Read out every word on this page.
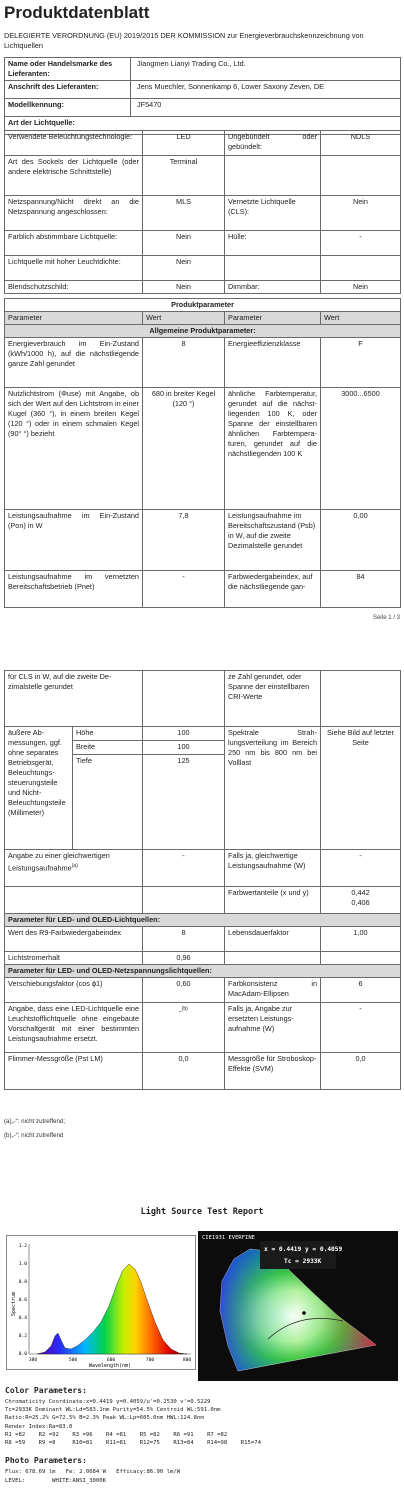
Produktdatenblatt
DELEGIERTE VERORDNUNG (EU) 2019/2015 DER KOMMISSION zur Energieverbrauchskennzeichnung von Lichtquellen
Name oder Handelsmarke des Lieferanten:	Jiangmen Lianyi Trading Co., Ltd.
Anschrift des Lieferanten:	Jens Muechler, Sonnenkamp 6, Lower Saxony Zeven, DE
Modellkennung:	JF5470
Art der Lichtquelle:	
Verwendete Beleuchtungstechnologie:	LED	Ungebündelt oder gebündelt:	NDLS
Art des Sockels der Lichtquelle (oder andere elektrische Schnittstelle)	Terminal		
Netzspannung/Nicht direkt an die Netzspannung angeschlossen:	MLS	Vernetzte Lichtquelle (CLS):	Nein
Farblich abstimmbare Lichtquelle:	Nein	Hülle:	-
Lichtquelle mit hoher Leuchtdichte:	Nein		
Blendschutzschild:	Nein	Dimmbar:	Nein
Produktparameter			
Parameter	Wert	Parameter	Wert
Allgemeine Produktparameter:			
Energieverbrauch im Ein-Zustand (kWh/1000 h), auf die nächstliegende ganze Zahl gerundet	8	Energieeffizienzklasse	F
Nutzlichtstrom (Φuse) mit Angabe, ob sich der Wert auf den Lichtstrom in einer Kugel (360 °), in einem breiten Kegel (120 °) oder in einem schmalen Kegel (90° °) bezieht	680 in breiter Kegel (120 °)	ähnliche Farbtemperatur, gerundet auf die nächstliegenden 100 K, oder Spanne der einstellbaren ähnlichen Farbtemperaturen, gerundet auf die nächstliegenden 100 K	3000...6500
Leistungsaufnahme im Ein-Zustand (Pon) in W	7,8	Leistungsaufnahme im Bereitschaftszustand (Psb) in W, auf die zweite Dezimalstelle gerundet	0,00
Leistungsaufnahme im vernetzten Bereitschaftsbetrieb (Pnet)	-	Farbwiedergabeindex, auf die nächstliegende gan-	84
Seite 1 / 3
für CLS in W, auf die zweite Dezimalstelle gerundet			ze Zahl gerundet, oder Spanne der einstellbaren CRI-Werte	
äußere Abmessungen, ggf. ohne separates Betriebsgerät, Beleuchtungssteuerungsteile und Nicht-Beleuchtungsteile (Millimeter)	Höhe	100	Spektrale Strahlungsverteilung im Bereich 250 nm bis 800 nm bei Volllast	Siehe Bild auf letzter Seite
	Breite	100		
	Tiefe	125		
Angabe zu einer gleichwertigen Leistungsaufnahme$^{(a)}$		-	Falls ja, gleichwertige Leistungsaufnahme (W)	-
			Farbwertanteile (x und y)	0,442
0,406
Parameter für LED- und OLED-Lichtquellen:				
Wert des R9-Farbwiedergabeindex		8	Lebensdauerfaktor	1,00
Lichtstromerhalt		0,96		
Parameter für LED- und OLED-Netzspannungslichtquellen:				
Verschiebungsfaktor (cos ϕ1)		0,60	Farbkonsistenz in MacAdam-Ellipsen	6
Angabe, dass eine LED-Lichtquelle eine Leuchtstofflichtquelle ohne eingebaute Vorschaltgerät mit einer bestimmten Leistungsaufnahme ersetzt.		-$^{(b)}$	Falls ja, Angabe zur ersetzten Leistungsaufnahme (W)	-
Flimmer-Messgröße (Pst LM)		0,0	Messgröße für Stroboskop-Effekte (SVM)	0,0
(a)„-“: nicht zutreffend;
(b)„-“: nicht zutreffend
Light Source Test Report
Spectrum
Wavelength(nm)
380	500	600	700	800
0.0
0.2
0.4
0.6
0.8
1.0
1.2
CIE1931 EVERFINE
x = 0.4419 y = 0.4059
Tc = 2933K
Color Parameters:
Chromaticity Coordinate:x=0.4419 y=0.4059/u'=0.2530 v'=0.5229
Tc=2933K Dominant WL:Ld=583.1nm Purity=54.5% Centroid WL:591.0nm
Ratio:R=25.2% G=72.5% B=2.3% Peak WL:Lp=605.0nm HWL:124.8nm
Render Index:Ra=83.0
R1 =82    R2 =92    R3 =96    R4 =81    R5 =82    R6 =91    R7 =82
R8 =59    R9 =8     R10=81    R11=81    R12=75    R13=84    R14=98    R15=74
Photo Parameters:
Flux: 678.69 lm   Fe: 2.0684 W   Efficacy:86.90 lm/W
LEVEL:        WHITE:ANSI_3000K
